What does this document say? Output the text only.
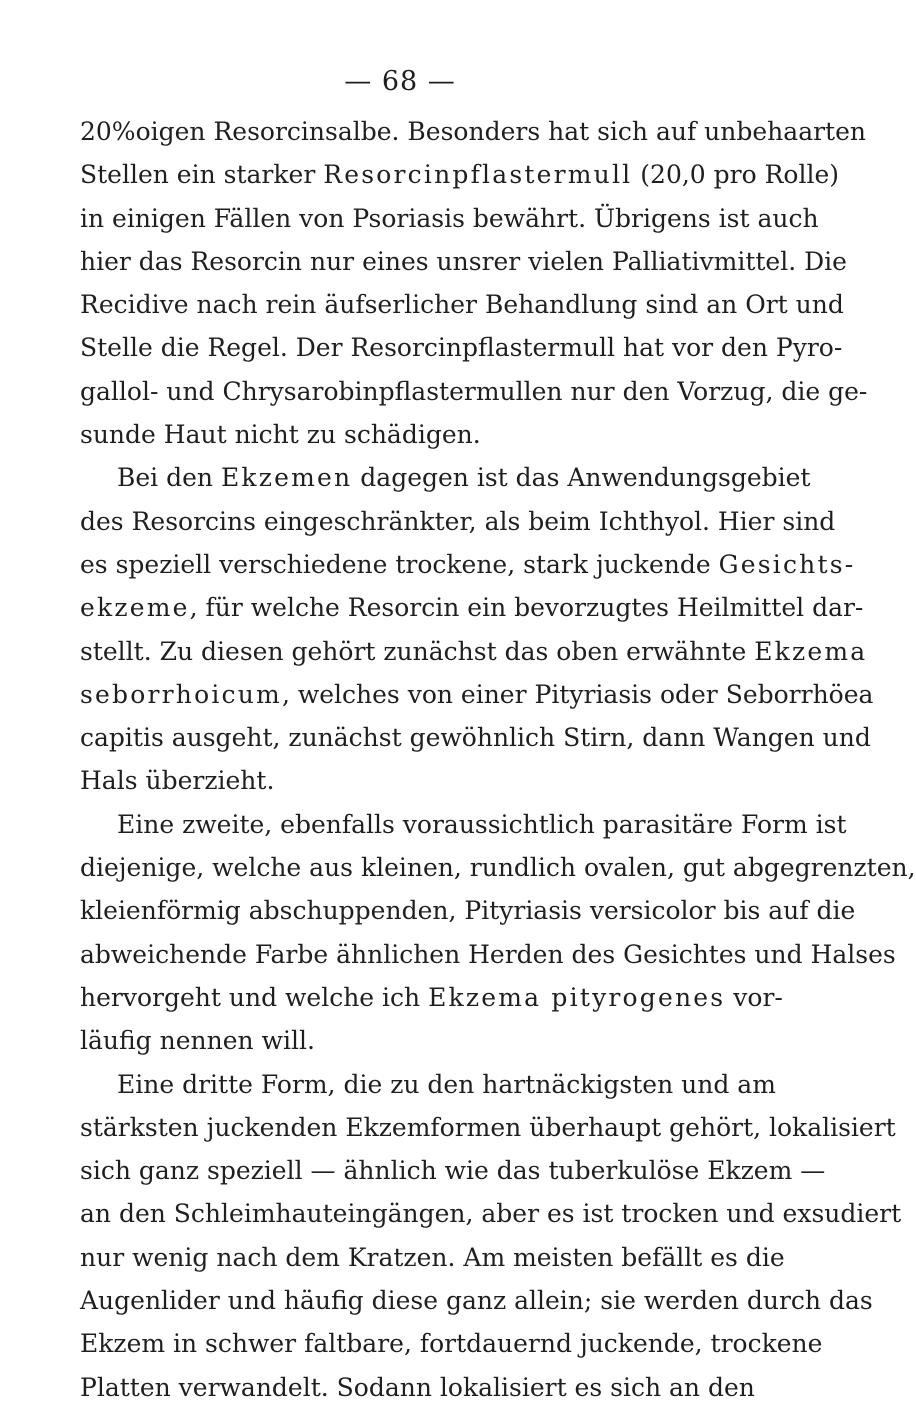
— 68 —
20%oigen Resorcinsalbe. Besonders hat sich auf unbehaarten
Stellen ein starker Resorcinpflastermull (20,0 pro Rolle)
in einigen Fällen von Psoriasis bewährt. Übrigens ist auch
hier das Resorcin nur eines unsrer vielen Palliativmittel. Die
Recidive nach rein äufserlicher Behandlung sind an Ort und
Stelle die Regel. Der Resorcinpflastermull hat vor den Pyro-
gallol- und Chrysarobinpflastermullen nur den Vorzug, die ge-
sunde Haut nicht zu schädigen.
Bei den Ekzemen dagegen ist das Anwendungsgebiet
des Resorcins eingeschränkter, als beim Ichthyol. Hier sind
es speziell verschiedene trockene, stark juckende Gesichts-
ekzeme, für welche Resorcin ein bevorzugtes Heilmittel dar-
stellt. Zu diesen gehört zunächst das oben erwähnte Ekzema
seborrhoicum, welches von einer Pityriasis oder Seborrhöea
capitis ausgeht, zunächst gewöhnlich Stirn, dann Wangen und
Hals überzieht.
Eine zweite, ebenfalls voraussichtlich parasitäre Form ist
diejenige, welche aus kleinen, rundlich ovalen, gut abgegrenzten,
kleienförmig abschuppenden, Pityriasis versicolor bis auf die
abweichende Farbe ähnlichen Herden des Gesichtes und Halses
hervorgeht und welche ich Ekzema pityrogenes vor-
läufig nennen will.
Eine dritte Form, die zu den hartnäckigsten und am
stärksten juckenden Ekzemformen überhaupt gehört, lokalisiert
sich ganz speziell — ähnlich wie das tuberkulöse Ekzem —
an den Schleimhauteingängen, aber es ist trocken und exsudiert
nur wenig nach dem Kratzen. Am meisten befällt es die
Augenlider und häufig diese ganz allein; sie werden durch das
Ekzem in schwer faltbare, fortdauernd juckende, trockene
Platten verwandelt. Sodann lokalisiert es sich an den
